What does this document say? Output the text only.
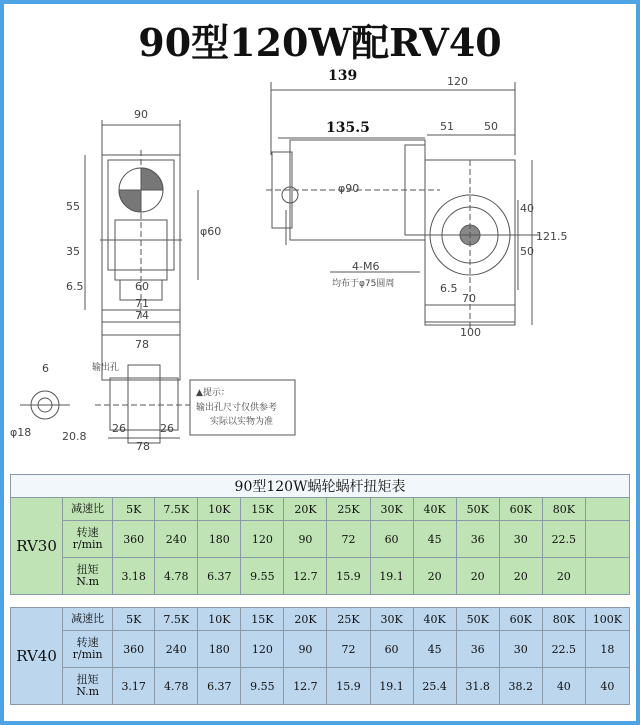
90型120W配RV40
139	120
135.5	51	50
90
φ90
55
35
6.5	60
71
74
78
φ60
40
50
121.5
6.5
70
100
4-M6
均布于φ75圆周
6
φ18	20.8
输出孔
26	26
78
▲提示：
输出孔尺寸仅供参考
实际以实物为准
90型120W蜗轮蜗杆扭矩表													
RV30	减速比	5K	7.5K	10K	15K	20K	25K	30K	40K	50K	60K	80K	
	转速
r/min	360	240	180	120	90	72	60	45	36	30	22.5	
	扭矩
N.m	3.18	4.78	6.37	9.55	12.7	15.9	19.1	20	20	20	20	
RV40	减速比	5K	7.5K	10K	15K	20K	25K	30K	40K	50K	60K	80K	100K
	转速
r/min	360	240	180	120	90	72	60	45	36	30	22.5	18
	扭矩
N.m	3.17	4.78	6.37	9.55	12.7	15.9	19.1	25.4	31.8	38.2	40	40
